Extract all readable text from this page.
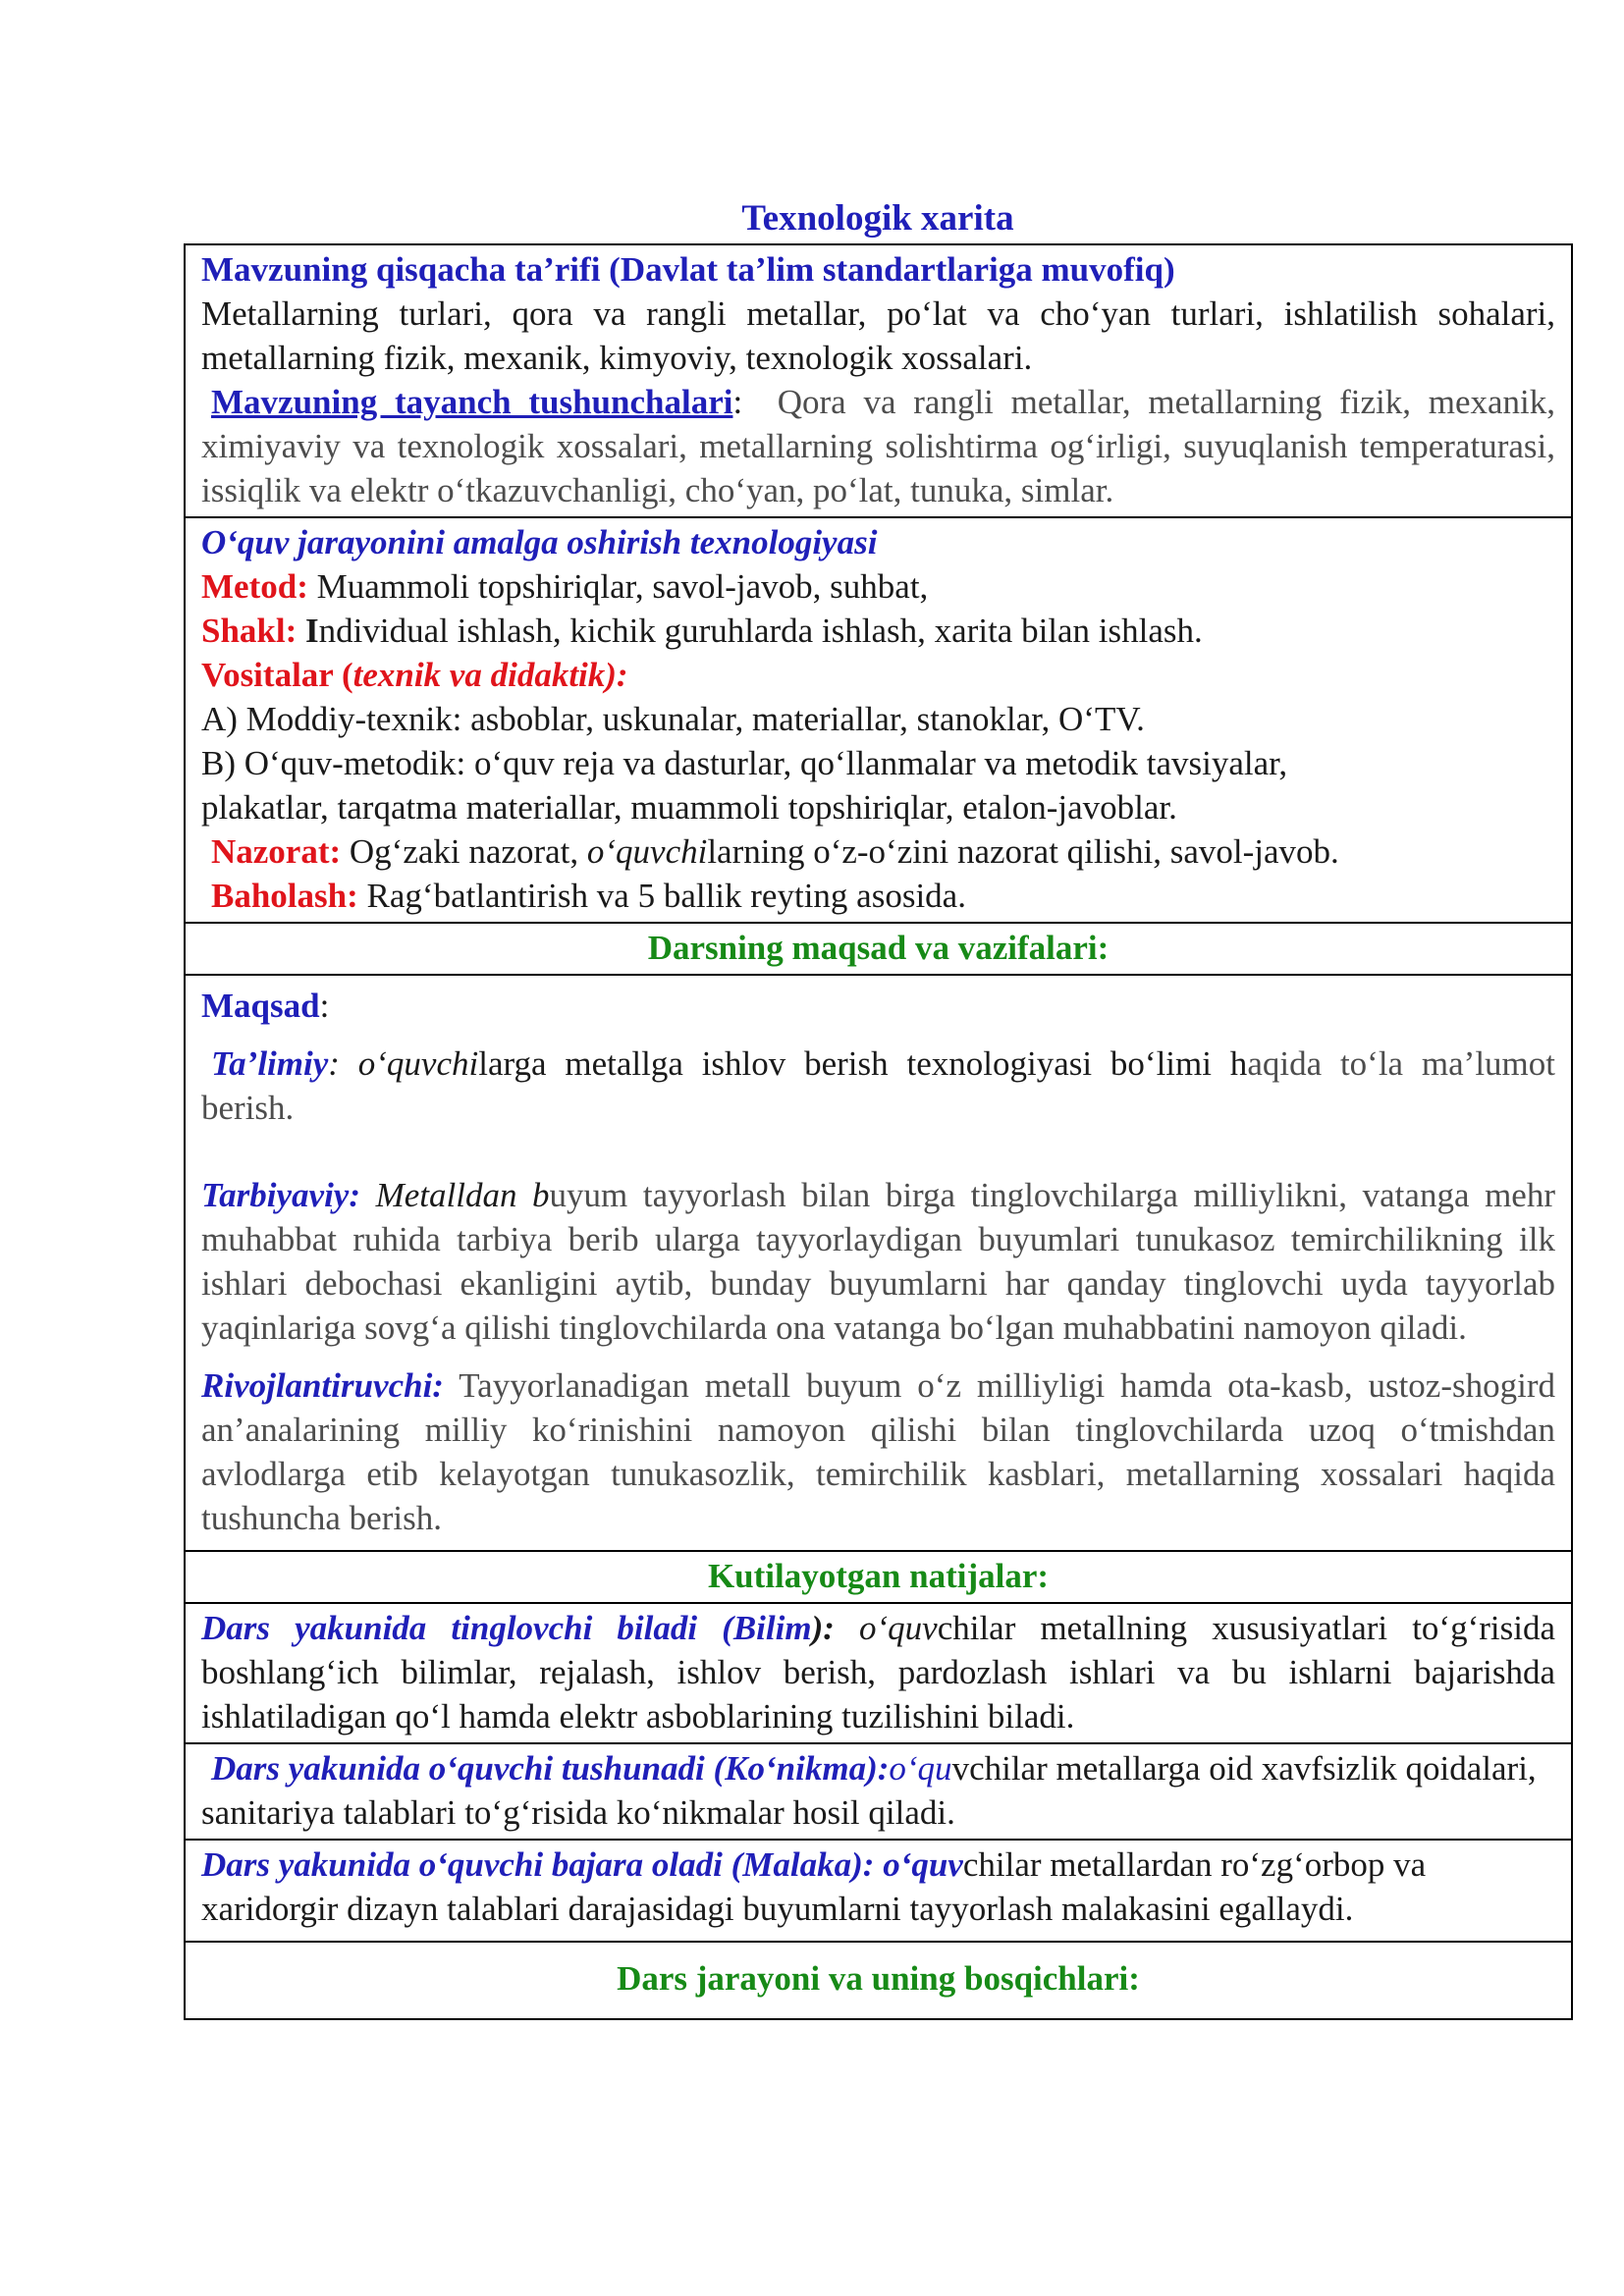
Texnologik xarita
Mavzuning qisqacha ta’rifi (Davlat ta’lim standartlariga muvofiq)
Metallarning turlari, qora va rangli metallar, po‘lat va cho‘yan turlari, ishlatilish sohalari, metallarning fizik, mexanik, kimyoviy, texnologik xossalari.
Mavzuning tayanch tushunchalari: Qora va rangli metallar, metallarning fizik, mexanik, ximiyaviy va texnologik xossalari, metallarning solishtirma og‘irligi, suyuqlanish temperaturasi, issiqlik va elektr o‘tkazuvchanligi, cho‘yan, po‘lat, tunuka, simlar.
O‘quv jarayonini amalga oshirish texnologiyasi
Metod: Muammoli topshiriqlar, savol-javob, suhbat,
Shakl: Individual ishlash, kichik guruhlarda ishlash, xarita bilan ishlash.
Vositalar (texnik va didaktik):
A) Moddiy-texnik: asboblar, uskunalar, materiallar, stanoklar, O‘TV.
B) O‘quv-metodik: o‘quv reja va dasturlar, qo‘llanmalar va metodik tavsiyalar,
plakatlar, tarqatma materiallar, muammoli topshiriqlar, etalon-javoblar.
Nazorat: Og‘zaki nazorat, o‘quvchilarning o‘z-o‘zini nazorat qilishi, savol-javob.
Baholash: Rag‘batlantirish va 5 ballik reyting asosida.
Darsning maqsad va vazifalari:
Maqsad:
Ta’limiy: o‘quvchilarga metallga ishlov berish texnologiyasi bo‘limi haqida to‘la ma’lumot berish.
Tarbiyaviy: Metalldan buyum tayyorlash bilan birga tinglovchilarga milliylikni, vatanga mehr muhabbat ruhida tarbiya berib ularga tayyorlaydigan buyumlari tunukasoz temirchilikning ilk ishlari debochasi ekanligini aytib, bunday buyumlarni har qanday tinglovchi uyda tayyorlab yaqinlariga sovg‘a qilishi tinglovchilarda ona vatanga bo‘lgan muhabbatini namoyon qiladi.
Rivojlantiruvchi: Tayyorlanadigan metall buyum o‘z milliyligi hamda ota-kasb, ustoz-shogird an’analarining milliy ko‘rinishini namoyon qilishi bilan tinglovchilarda uzoq o‘tmishdan avlodlarga etib kelayotgan tunukasozlik, temirchilik kasblari, metallarning xossalari haqida tushuncha berish.
Kutilayotgan natijalar:
Dars yakunida tinglovchi biladi (Bilim): o‘quvchilar metallning xususiyatlari to‘g‘risida boshlang‘ich bilimlar, rejalash, ishlov berish, pardozlash ishlari va bu ishlarni bajarishda ishlatiladigan qo‘l hamda elektr asboblarining tuzilishini biladi.
Dars yakunida o‘quvchi tushunadi (Ko‘nikma):o‘quvchilar metallarga oid xavfsizlik qoidalari, sanitariya talablari to‘g‘risida ko‘nikmalar hosil qiladi.
Dars yakunida o‘quvchi bajara oladi (Malaka): o‘quvchilar metallardan ro‘zg‘orbop va xaridorgir dizayn talablari darajasidagi buyumlarni tayyorlash malakasini egallaydi.
Dars jarayoni va uning bosqichlari:
